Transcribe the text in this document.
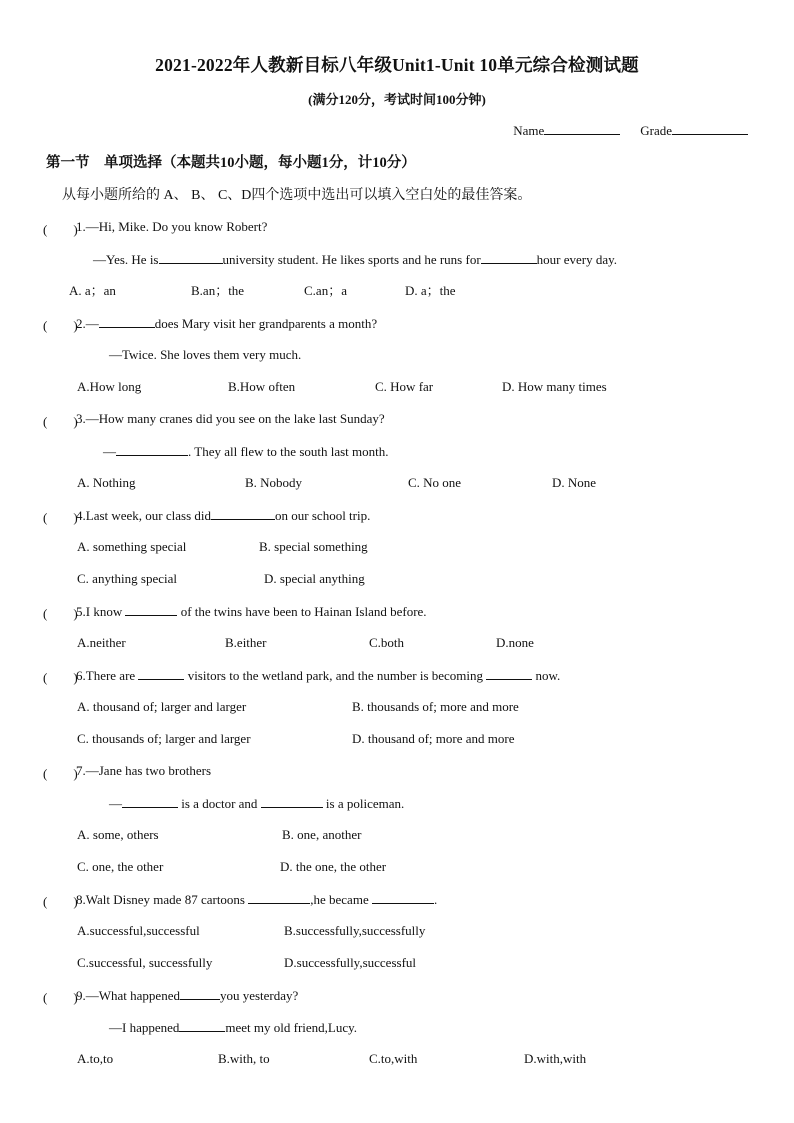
2021-2022年人教新目标八年级Unit1-Unit 10单元综合检测试题
(满分120分，考试时间100分钟)
Name	Grade
第一节　单项选择（本题共10小题，每小题1分，计10分）
从每小题所给的 A、 B、 C、D四个选项中选出可以填入空白处的最佳答案。
(　　)
1.—Hi, Mike. Do you know Robert?
—Yes. He is	university student. He likes sports and he runs for	hour every day.
A. a；an	B.an；the	C.an；a	D. a；the
(　　)
2.—	does Mary visit her grandparents a month?
—Twice. She loves them very much.
A.How long	B.How often	C. How far	D. How many times
(　　)
3.—How many cranes did you see on the lake last Sunday?
—	. They all flew to the south last month.
A. Nothing	B. Nobody	C. No one	D. None
(　　)
4.Last week, our class did	on our school trip.
A. something special	B. special something
C. anything special	D. special anything
(　　)
5.I know	of the twins have been to Hainan Island before.
A.neither	B.either	C.both	D.none
(　　)
6.There are	visitors to the wetland park, and the number is becoming	now.
A. thousand of; larger and larger	B. thousands of; more and more
C. thousands of; larger and larger	D. thousand of; more and more
(　　)
7.—Jane has two brothers
—	is a doctor and	is a policeman.
A. some, others	B. one, another
C. one, the other	D. the one, the other
(　　)
8.Walt Disney made 87 cartoons	,he became	.
A.successful,successful	B.successfully,successfully
C.successful, successfully	D.successfully,successful
(　　)
9.—What happened	you yesterday?
—I happened	meet my old friend,Lucy.
A.to,to	B.with, to	C.to,with	D.with,with
